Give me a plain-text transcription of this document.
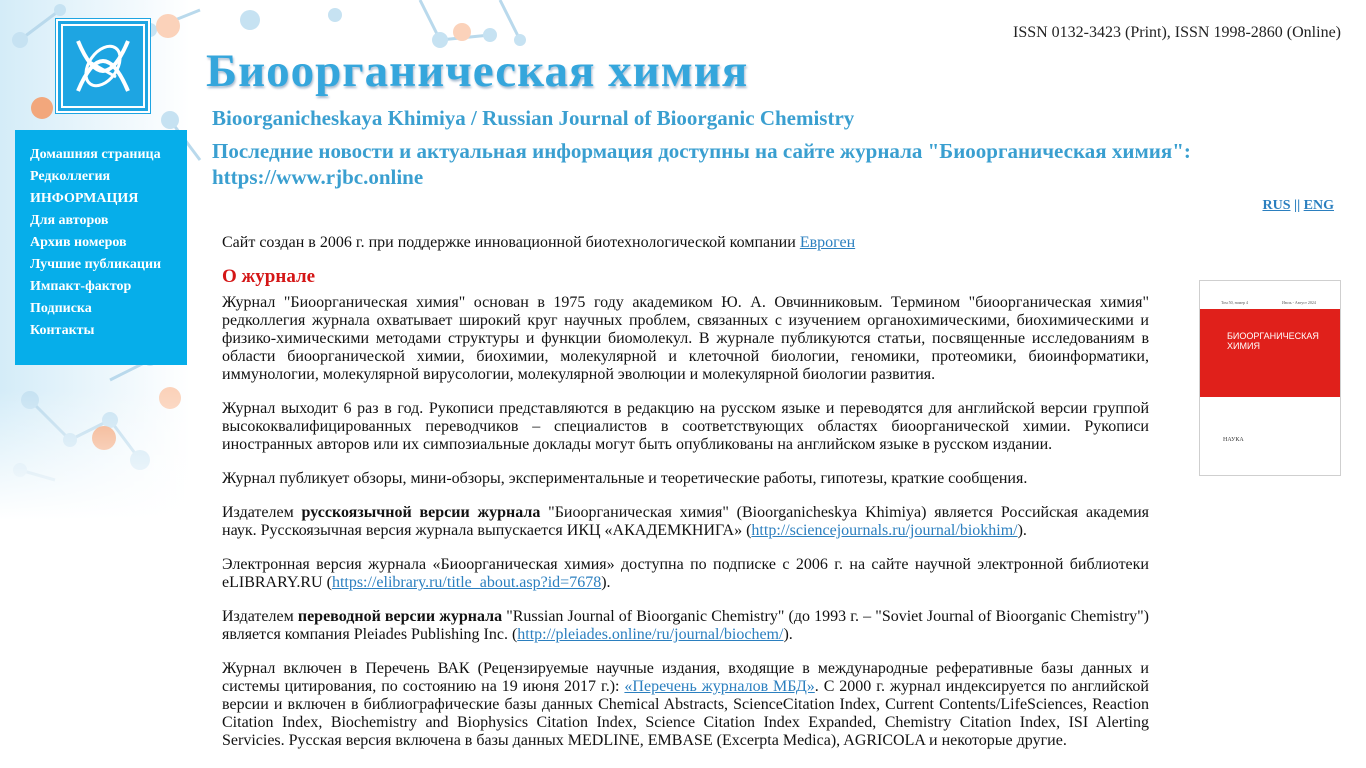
Биоорганическая химия
ISSN 0132-3423 (Print), ISSN 1998-2860 (Online)
Bioorganicheskaya Khimiya / Russian Journal of Bioorganic Chemistry
Последние новости и актуальная информация доступны на сайте журнала "Биоорганическая химия": https://www.rjbc.online
RUS || ENG
Домашняя страница
Редколлегия
ИНФОРМАЦИЯ
Для авторов
Архив номеров
Лучшие публикации
Импакт-фактор
Подписка
Контакты
Том 50, номер 4	Июль - Август 2024
БИООРГАНИЧЕСКАЯ ХИМИЯ
НАУКА

Сайт создан в 2006 г. при поддержке инновационной биотехнологической компании Евроген

О журнале

Журнал "Биоорганическая химия" основан в 1975 году академиком Ю. А. Овчинниковым. Термином "биоорганическая химия" редколлегия журнала охватывает широкий круг научных проблем, связанных с изучением органохимическими, биохимическими и физико-химическими методами структуры и функции биомолекул. В журнале публикуются статьи, посвященные исследованиям в области биоорганической химии, биохимии, молекулярной и клеточной биологии, геномики, протеомики, биоинформатики, иммунологии, молекулярной вирусологии, молекулярной эволюции и молекулярной биологии развития.

Журнал выходит 6 раз в год. Рукописи представляются в редакцию на русском языке и переводятся для английской версии группой высококвалифицированных переводчиков – специалистов в соответствующих областях биоорганической химии. Рукописи иностранных авторов или их симпозиальные доклады могут быть опубликованы на английском языке в русском издании.

Журнал публикует обзоры, мини-обзоры, экспериментальные и теоретические работы, гипотезы, краткие сообщения.

Издателем русскоязычной версии журнала "Биоорганическая химия" (Bioorganicheskya Khimiya) является Российская академия наук. Русскоязычная версия журнала выпускается ИКЦ «АКАДЕМКНИГА» (http://sciencejournals.ru/journal/biokhim/).

Электронная версия журнала «Биоорганическая химия» доступна по подписке с 2006 г. на сайте научной электронной библиотеки eLIBRARY.RU (https://elibrary.ru/title_about.asp?id=7678).

Издателем переводной версии журнала "Russian Journal of Bioorganic Chemistry" (до 1993 г. – "Soviet Journal of Bioorganic Chemistry") является компания Pleiades Publishing Inc. (http://pleiades.online/ru/journal/biochem/).

Журнал включен в Перечень ВАК (Рецензируемые научные издания, входящие в международные реферативные базы данных и системы цитирования, по состоянию на 19 июня 2017 г.): «Перечень журналов МБД». С 2000 г. журнал индексируется по английской версии и включен в библиографические базы данных Chemical Abstracts, ScienceCitation Index, Current Contents/LifeSciences, Reaction Citation Index, Biochemistry and Biophysics Citation Index, Science Citation Index Expanded, Chemistry Citation Index, ISI Alerting Servicies. Русская версия включена в базы данных MEDLINE, EMBASE (Excerpta Medica), AGRICOLA и некоторые другие.
